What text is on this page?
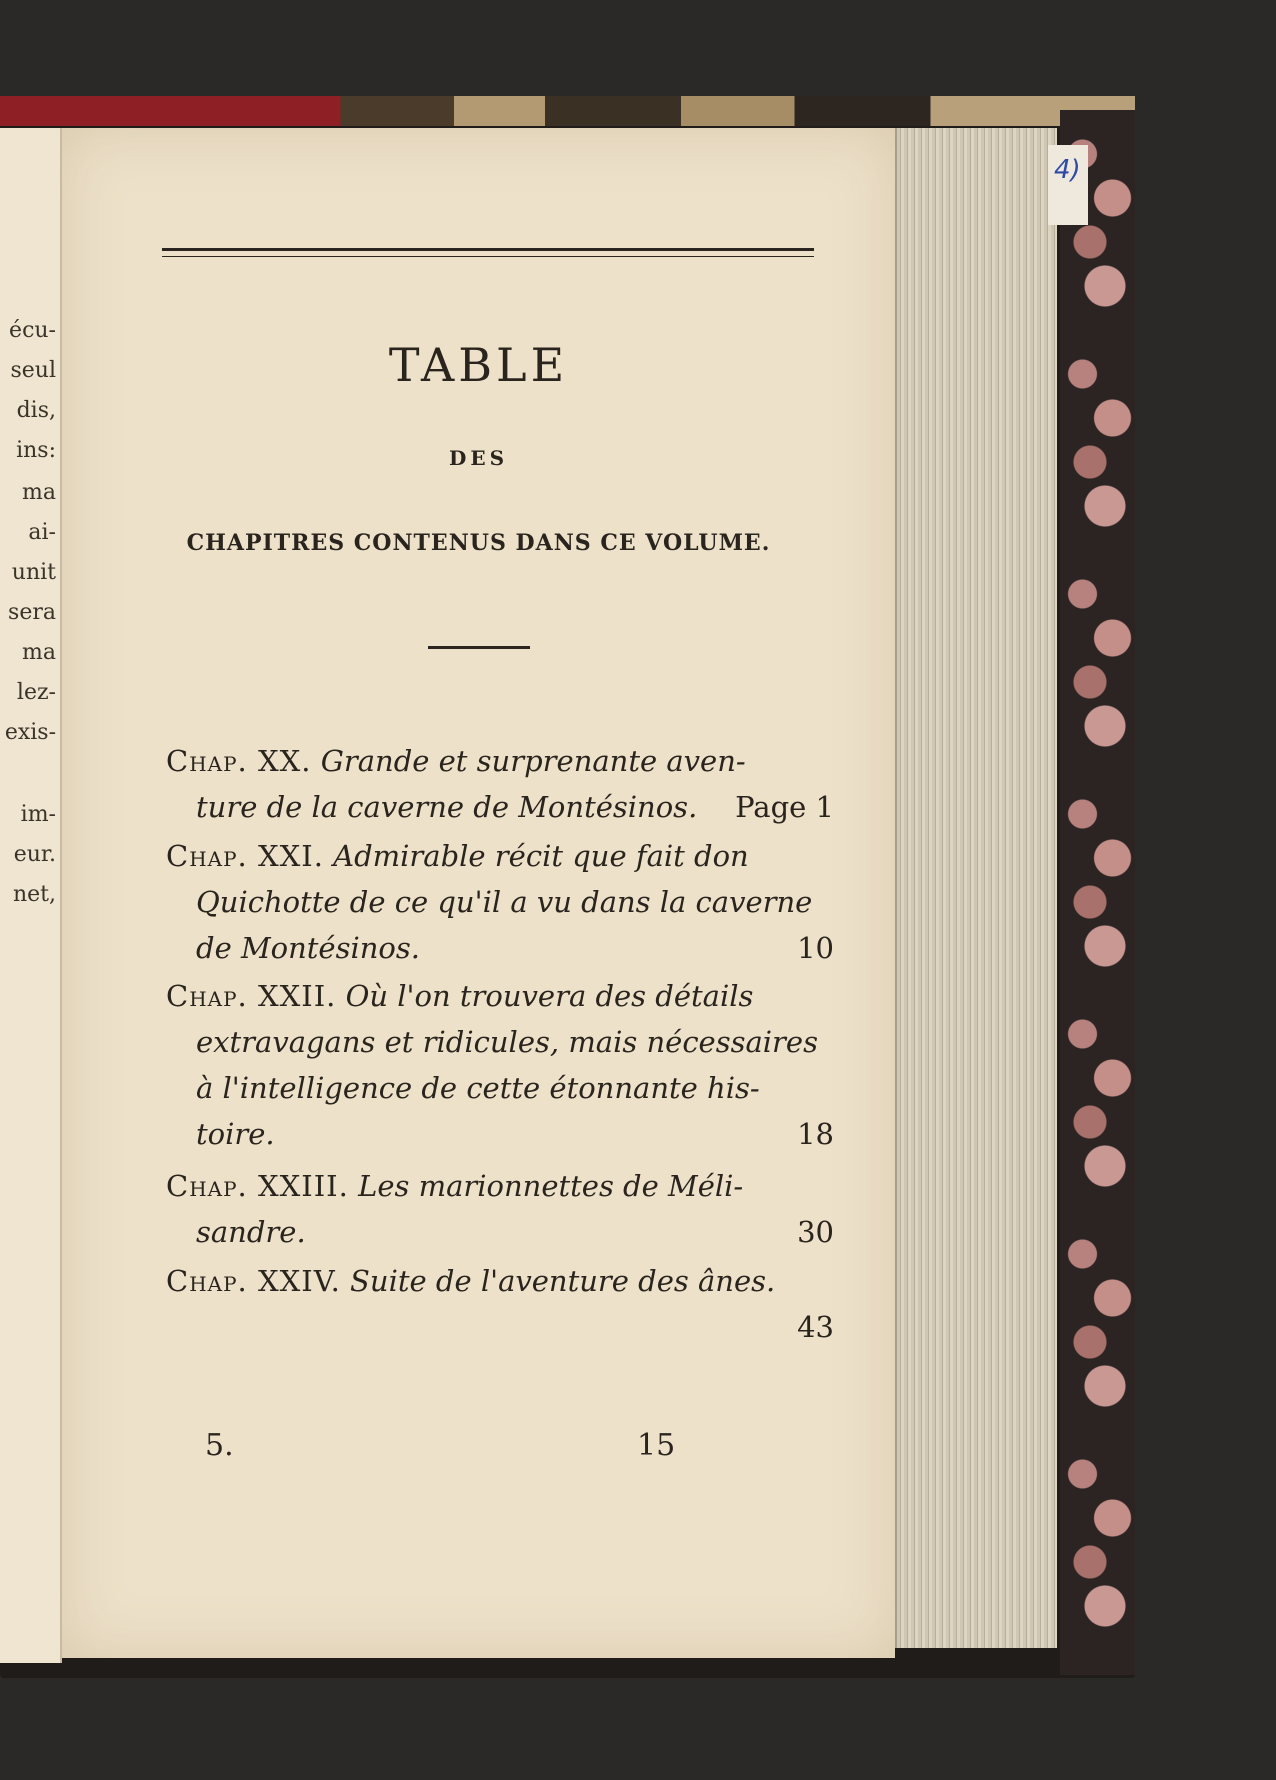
4)
écu-
seul
dis,
ins:
ma
ai-
unit
sera
ma
lez-
exis-
im-
eur.
net,
TABLE
DES
CHAPITRES CONTENUS DANS CE VOLUME.
Chap. XX. Grande et surprenante aven-
ture de la caverne de Montésinos. Page 1
Chap. XXI. Admirable récit que fait don
Quichotte de ce qu'il a vu dans la caverne
de Montésinos.	10
Chap. XXII. Où l'on trouvera des détails
extravagans et ridicules, mais nécessaires
à l'intelligence de cette étonnante his-
toire.	18
Chap. XXIII. Les marionnettes de Méli-
sandre.	30
Chap. XXIV. Suite de l'aventure des ânes.
43
5.	15
